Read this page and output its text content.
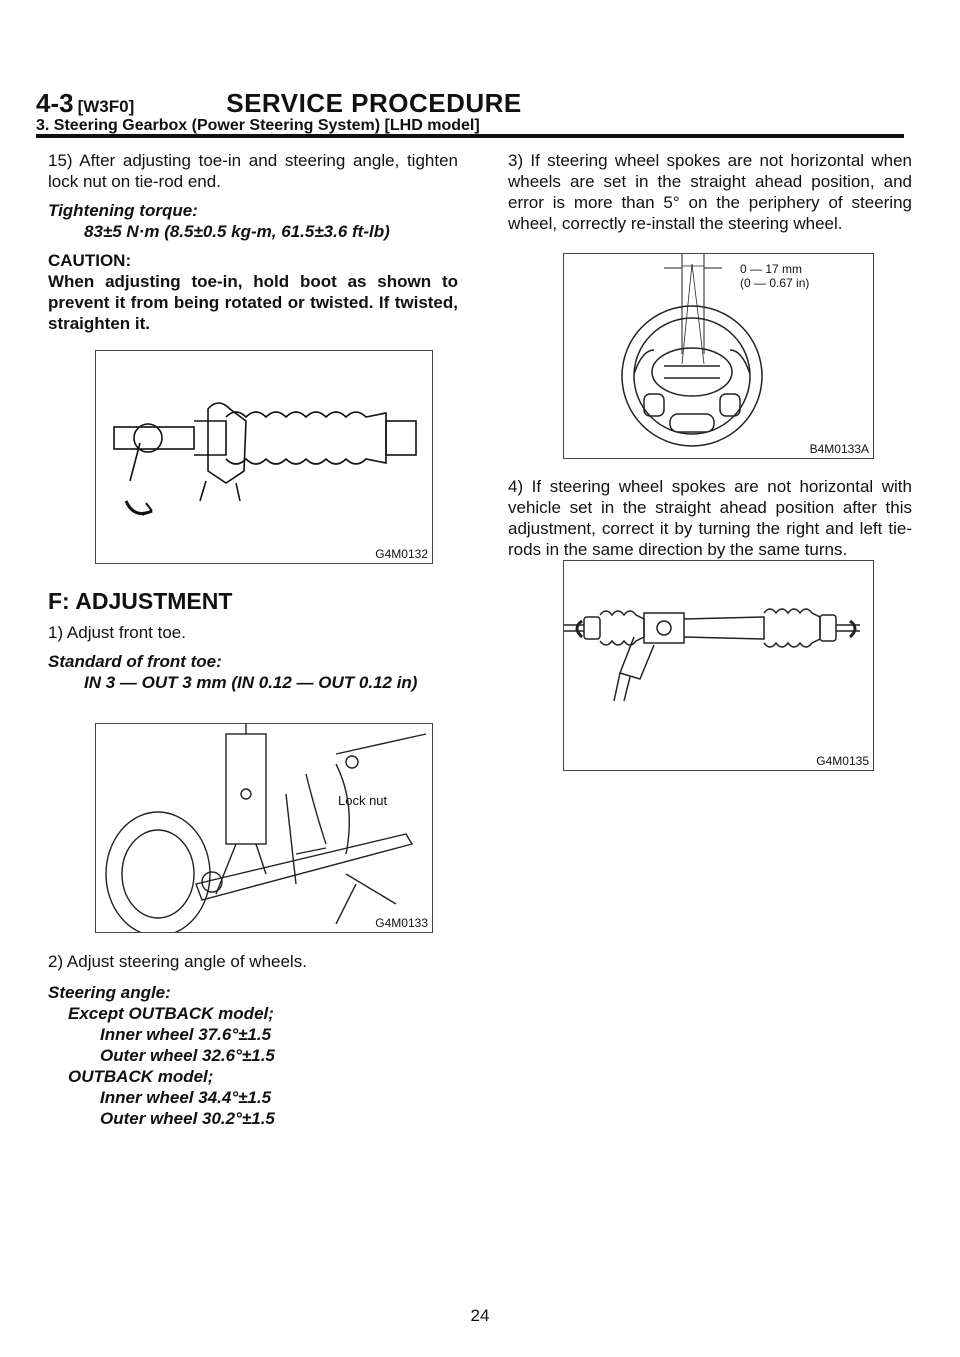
4-3 [W3F0]	SERVICE PROCEDURE
3. Steering Gearbox (Power Steering System) [LHD model]

15) After adjusting toe-in and steering angle, tighten lock nut on tie-rod end.

Tightening torque:

83±5 N·m (8.5±0.5 kg-m, 61.5±3.6 ft-lb)

CAUTION:

When adjusting toe-in, hold boot as shown to prevent it from being rotated or twisted. If twisted, straighten it.

G4M0132
F: ADJUSTMENT

1) Adjust front toe.

Standard of front toe:

IN 3 — OUT 3 mm (IN 0.12 — OUT 0.12 in)

Lock nut
G4M0133

2) Adjust steering angle of wheels.

Steering angle:

Except OUTBACK model;

Inner wheel 37.6°±1.5

Outer wheel 32.6°±1.5

OUTBACK model;

Inner wheel 34.4°±1.5

Outer wheel 30.2°±1.5

3) If steering wheel spokes are not horizontal when wheels are set in the straight ahead position, and error is more than 5° on the periphery of steering wheel, correctly re-install the steering wheel.

0 — 17 mm
(0 — 0.67 in)
B4M0133A

4) If steering wheel spokes are not horizontal with vehicle set in the straight ahead position after this adjustment, correct it by turning the right and left tie-rods in the same direction by the same turns.

G4M0135
24
